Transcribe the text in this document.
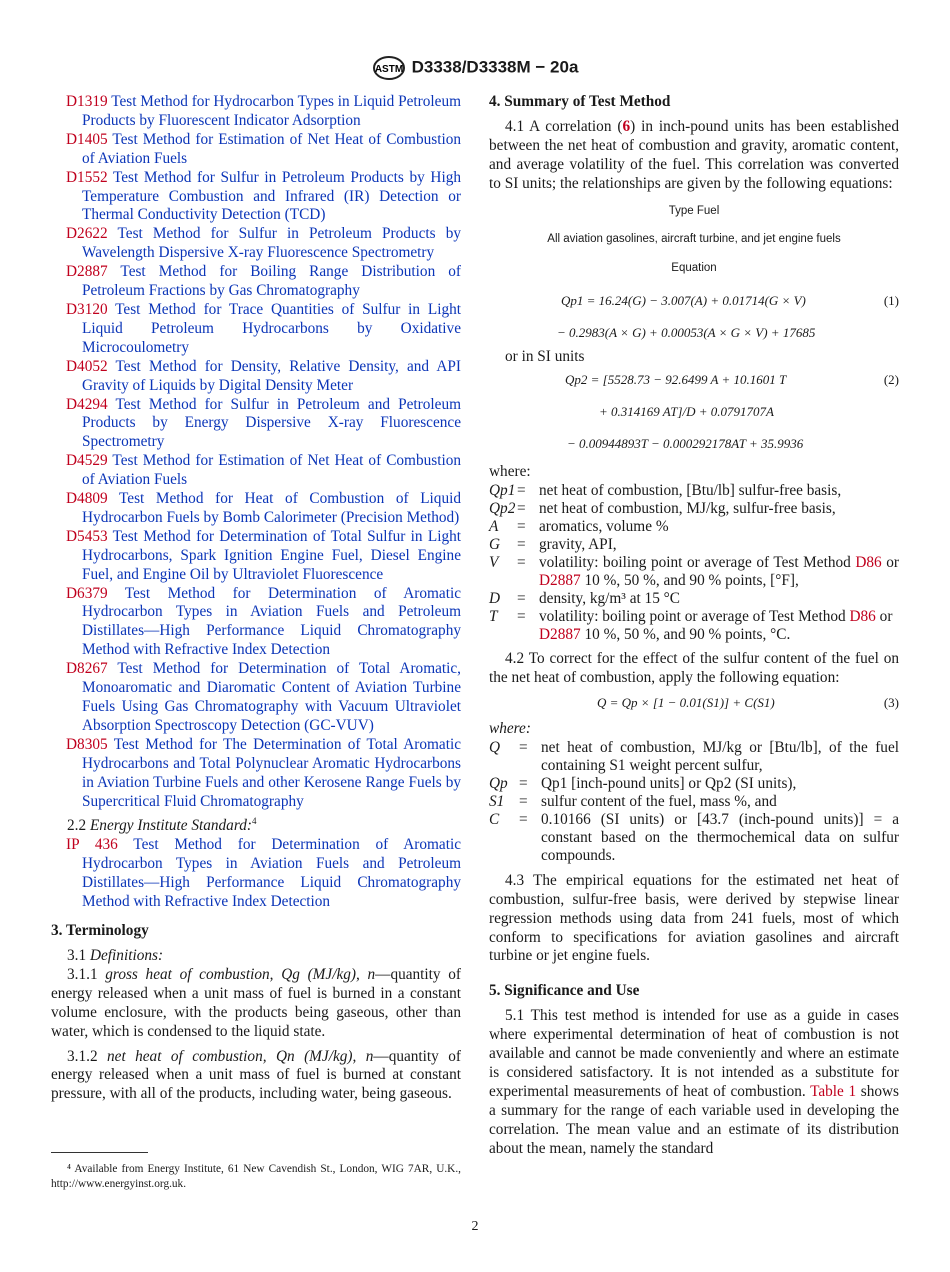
ASTM D3338/D3338M − 20a

D1319 Test Method for Hydrocarbon Types in Liquid Petroleum Products by Fluorescent Indicator Adsorption

D1405 Test Method for Estimation of Net Heat of Combustion of Aviation Fuels

D1552 Test Method for Sulfur in Petroleum Products by High Temperature Combustion and Infrared (IR) Detection or Thermal Conductivity Detection (TCD)

D2622 Test Method for Sulfur in Petroleum Products by Wavelength Dispersive X-ray Fluorescence Spectrometry

D2887 Test Method for Boiling Range Distribution of Petroleum Fractions by Gas Chromatography

D3120 Test Method for Trace Quantities of Sulfur in Light Liquid Petroleum Hydrocarbons by Oxidative Microcoulometry

D4052 Test Method for Density, Relative Density, and API Gravity of Liquids by Digital Density Meter

D4294 Test Method for Sulfur in Petroleum and Petroleum Products by Energy Dispersive X-ray Fluorescence Spectrometry

D4529 Test Method for Estimation of Net Heat of Combustion of Aviation Fuels

D4809 Test Method for Heat of Combustion of Liquid Hydrocarbon Fuels by Bomb Calorimeter (Precision Method)

D5453 Test Method for Determination of Total Sulfur in Light Hydrocarbons, Spark Ignition Engine Fuel, Diesel Engine Fuel, and Engine Oil by Ultraviolet Fluorescence

D6379 Test Method for Determination of Aromatic Hydrocarbon Types in Aviation Fuels and Petroleum Distillates—High Performance Liquid Chromatography Method with Refractive Index Detection

D8267 Test Method for Determination of Total Aromatic, Monoaromatic and Diaromatic Content of Aviation Turbine Fuels Using Gas Chromatography with Vacuum Ultraviolet Absorption Spectroscopy Detection (GC-VUV)

D8305 Test Method for The Determination of Total Aromatic Hydrocarbons and Total Polynuclear Aromatic Hydrocarbons in Aviation Turbine Fuels and other Kerosene Range Fuels by Supercritical Fluid Chromatography

2.2 Energy Institute Standard:$^4$

IP 436 Test Method for Determination of Aromatic Hydrocarbon Types in Aviation Fuels and Petroleum Distillates—High Performance Liquid Chromatography Method with Refractive Index Detection

3. Terminology

3.1 Definitions:

3.1.1 gross heat of combustion, Qg (MJ/kg), n—quantity of energy released when a unit mass of fuel is burned in a constant volume enclosure, with the products being gaseous, other than water, which is condensed to the liquid state.

3.1.2 net heat of combustion, Qn (MJ/kg), n—quantity of energy released when a unit mass of fuel is burned at constant pressure, with all of the products, including water, being gaseous.

⁴ Available from Energy Institute, 61 New Cavendish St., London, WIG 7AR, U.K., http://www.energyinst.org.uk.
4. Summary of Test Method

4.1 A correlation (6) in inch-pound units has been established between the net heat of combustion and gravity, aromatic content, and average volatility of the fuel. This correlation was converted to SI units; the relationships are given by the following equations:

Type Fuel
All aviation gasolines, aircraft turbine, and jet engine fuels
Equation
Qp1 = 16.24(G) − 3.007(A) + 0.01714(G × V)	(1)
− 0.2983(A × G) + 0.00053(A × G × V) + 17685

or in SI units

Qp2 = [5528.73 − 92.6499 A + 10.1601 T	(2)
+ 0.314169 AT]/D + 0.0791707A
− 0.00944893T − 0.000292178AT + 35.9936

where:

Qp1 = net heat of combustion, [Btu/lb] sulfur-free basis,
Qp2 = net heat of combustion, MJ/kg, sulfur-free basis,
A	= aromatics, volume %
G	= gravity, API,
V	= volatility: boiling point or average of Test Method D86 or D2887 10 %, 50 %, and 90 % points, [°F],
D	= density, kg/m³ at 15 °C
T	= volatility: boiling point or average of Test Method D86 or D2887 10 %, 50 %, and 90 % points, °C.

4.2 To correct for the effect of the sulfur content of the fuel on the net heat of combustion, apply the following equation:

Q = Qp × [1 − 0.01(S1)] + C(S1)	(3)

where:

Q	= net heat of combustion, MJ/kg or [Btu/lb], of the fuel containing S1 weight percent sulfur,
Qp = Qp1 [inch-pound units] or Qp2 (SI units),
S1 = sulfur content of the fuel, mass %, and
C	= 0.10166 (SI units) or [43.7 (inch-pound units)] = a constant based on the thermochemical data on sulfur compounds.

4.3 The empirical equations for the estimated net heat of combustion, sulfur-free basis, were derived by stepwise linear regression methods using data from 241 fuels, most of which conform to specifications for aviation gasolines and aircraft turbine or jet engine fuels.

5. Significance and Use

5.1 This test method is intended for use as a guide in cases where experimental determination of heat of combustion is not available and cannot be made conveniently and where an estimate is considered satisfactory. It is not intended as a substitute for experimental measurements of heat of combustion. Table 1 shows a summary for the range of each variable used in developing the correlation. The mean value and an estimate of its distribution about the mean, namely the standard

2
